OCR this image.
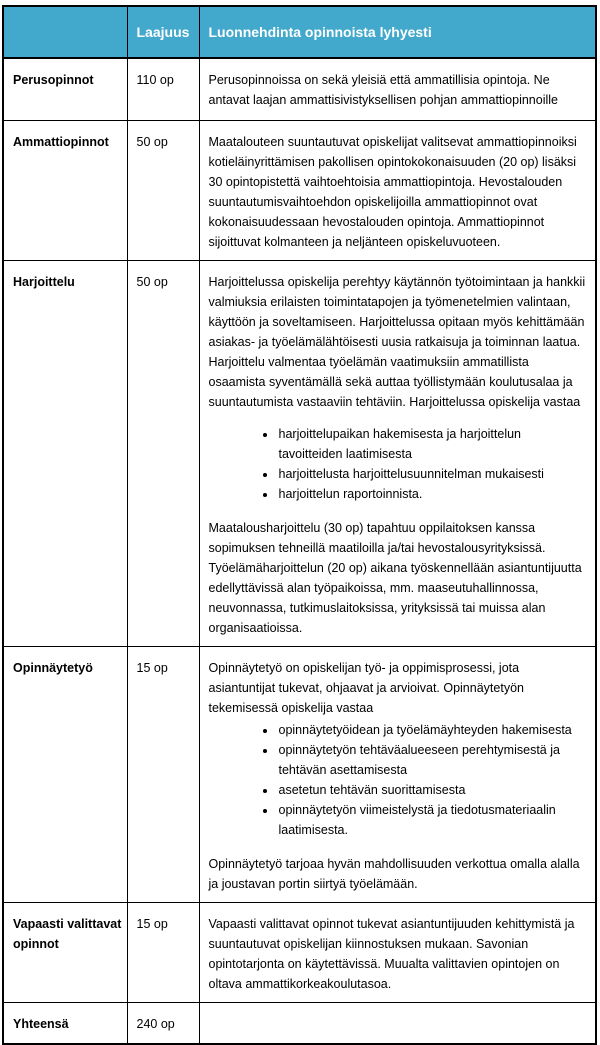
	Laajuus	Luonnehdinta opinnoista lyhyesti
Perusopinnot	110 op	Perusopinnoissa on sekä yleisiä että ammatillisia opintoja. Ne antavat laajan ammattisivistyksellisen pohjan ammattiopinnoille

Ammattiopinnot	50 op	Maatalouteen suuntautuvat opiskelijat valitsevat ammattiopinnoiksi kotieläinyrittämisen pakollisen opintokokonaisuuden (20 op) lisäksi 30 opintopistettä vaihtoehtoisia ammattiopintoja. Hevostalouden suuntautumisvaihtoehdon opiskelijoilla ammattiopinnot ovat kokonaisuudessaan hevostalouden opintoja. Ammattiopinnot sijoittuvat kolmanteen ja neljänteen opiskeluvuoteen.

Harjoittelu	50 op	Harjoittelussa opiskelija perehtyy käytännön työtoimintaan ja hankkii valmiuksia erilaisten toimintatapojen ja työmenetelmien valintaan, käyttöön ja soveltamiseen. Harjoittelussa opitaan myös kehittämään asiakas- ja työelämälähtöisesti uusia ratkaisuja ja toiminnan laatua. Harjoittelu valmentaa työelämän vaatimuksiin ammatillista osaamista syventämällä sekä auttaa työllistymään koulutusalaa ja suuntautumista vastaaviin tehtäviin. Harjoittelussa opiskelija vastaa

• harjoittelupaikan hakemisesta ja harjoittelun tavoitteiden laatimisesta
• harjoittelusta harjoittelusuunnitelman mukaisesti
• harjoittelun raportoinnista.

Maatalousharjoittelu (30 op) tapahtuu oppilaitoksen kanssa sopimuksen tehneillä maatiloilla ja/tai hevostalousyrityksissä. Työelämäharjoittelun (20 op) aikana työskennellään asiantuntijuutta edellyttävissä alan työpaikoissa, mm. maaseutuhallinnossa, neuvonnassa, tutkimuslaitoksissa, yrityksissä tai muissa alan organisaatioissa.

Opinnäytetyö	15 op	Opinnäytetyö on opiskelijan työ- ja oppimisprosessi, jota asiantuntijat tukevat, ohjaavat ja arvioivat. Opinnäytetyön tekemisessä opiskelija vastaa

• opinnäytetyöidean ja työelämäyhteyden hakemisesta
• opinnäytetyön tehtäväalueeseen perehtymisestä ja tehtävän asettamisesta
• asetetun tehtävän suorittamisesta
• opinnäytetyön viimeistelystä ja tiedotusmateriaalin laatimisesta.

Opinnäytetyö tarjoaa hyvän mahdollisuuden verkottua omalla alalla ja joustavan portin siirtyä työelämään.

Vapaasti valittavat opinnot	15 op	Vapaasti valittavat opinnot tukevat asiantuntijuuden kehittymistä ja suuntautuvat opiskelijan kiinnostuksen mukaan. Savonian opintotarjonta on käytettävissä. Muualta valittavien opintojen on oltava ammattikorkeakoulutasoa.

Yhteensä	240 op	
